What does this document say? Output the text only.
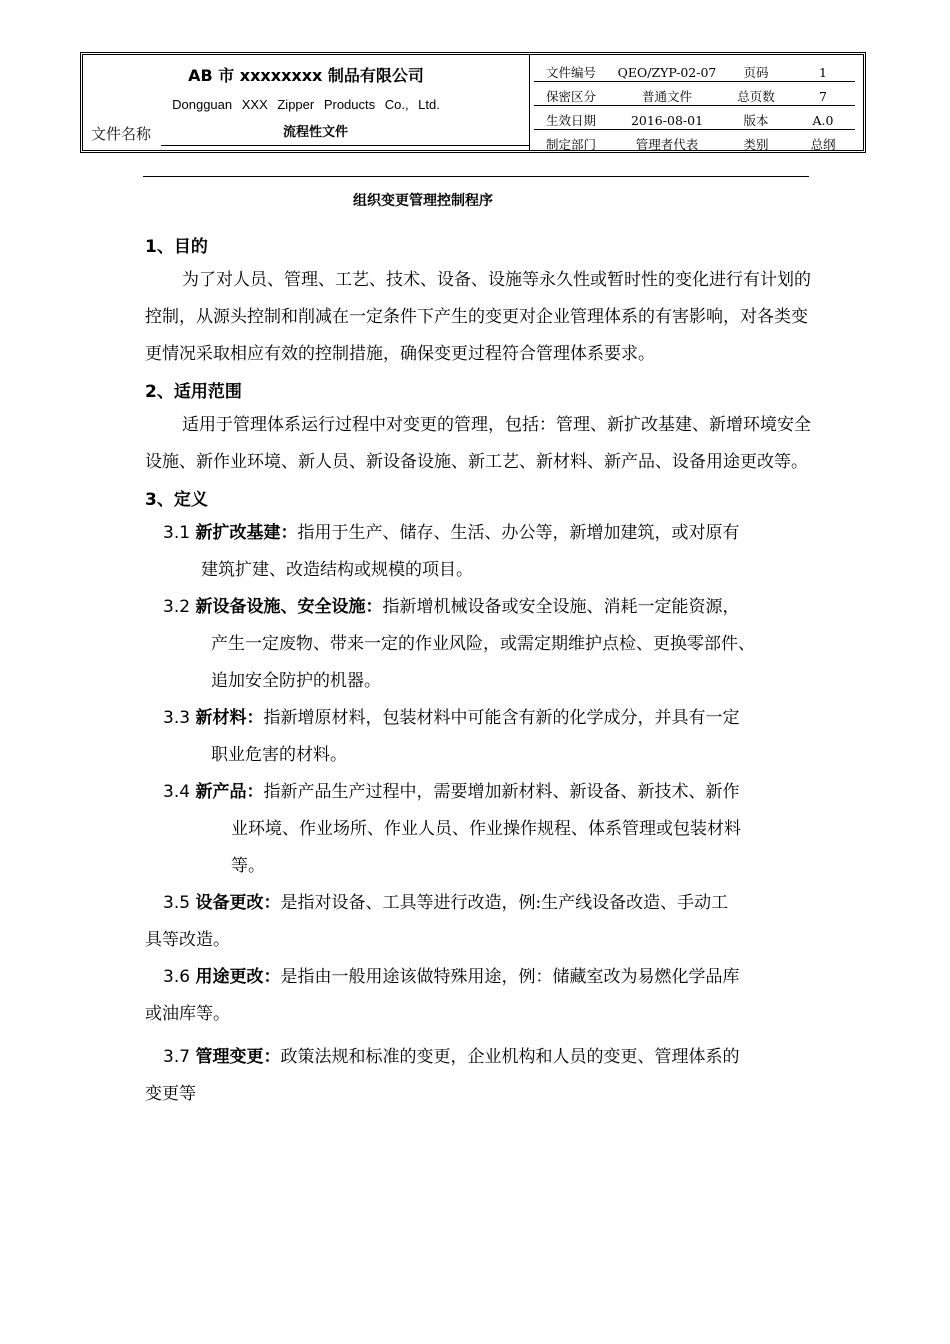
AB 市 xxxxxxxx 制品有限公司
Dongguan XXX Zipper Products Co., Ltd.
文件名称	流程性文件
文件编号	QEO/ZYP-02-07	页码	1
保密区分	普通文件	总页数	7
生效日期	2016-08-01	版本	A.0
制定部门	管理者代表	类别	总纲
组织变更管理控制程序
1、目的

为了对人员、管理、工艺、技术、设备、设施等永久性或暂时性的变化进行有计划的控制，从源头控制和削减在一定条件下产生的变更对企业管理体系的有害影响，对各类变更情况采取相应有效的控制措施，确保变更过程符合管理体系要求。

2、适用范围

适用于管理体系运行过程中对变更的管理，包括：管理、新扩改基建、新增环境安全设施、新作业环境、新人员、新设备设施、新工艺、新材料、新产品、设备用途更改等。

3、定义
3.1 新扩改基建：指用于生产、储存、生活、办公等，新增加建筑，或对原有
建筑扩建、改造结构或规模的项目。
3.2 新设备设施、安全设施：指新增机械设备或安全设施、消耗一定能资源，
产生一定废物、带来一定的作业风险，或需定期维护点检、更换零部件、
追加安全防护的机器。
3.3 新材料：指新增原材料，包装材料中可能含有新的化学成分，并具有一定
职业危害的材料。
3.4 新产品：指新产品生产过程中，需要增加新材料、新设备、新技术、新作
业环境、作业场所、作业人员、作业操作规程、体系管理或包装材料
等。
3.5 设备更改：是指对设备、工具等进行改造，例:生产线设备改造、手动工
具等改造。
3.6 用途更改：是指由一般用途该做特殊用途，例：储藏室改为易燃化学品库
或油库等。
3.7 管理变更：政策法规和标准的变更，企业机构和人员的变更、管理体系的
变更等
